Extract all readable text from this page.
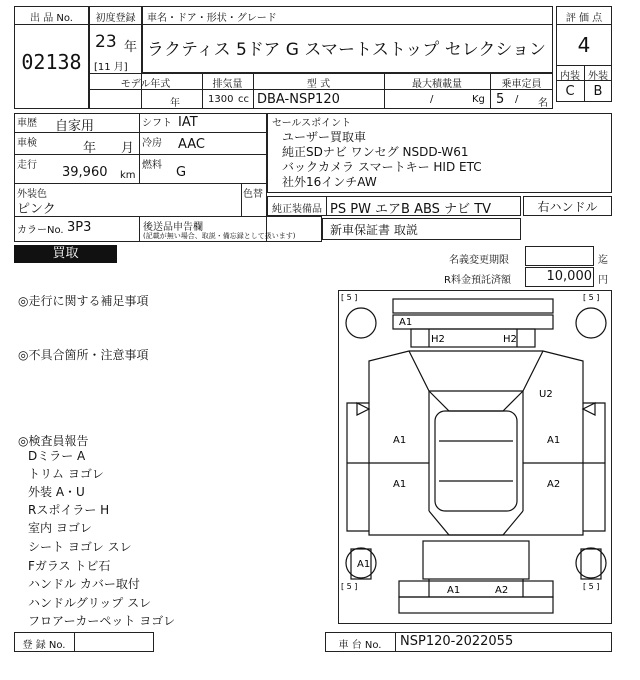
出 品 No.
02138
初度登録
23 年
[11 月]
車名・ドア・形状・グレード
ラクティス 5ドア G スマートストップ セレクション
評 価 点
4
内装 外装
C	B
モデル年式
年
排気量
1300 cc
型 式
DBA-NSP120
最大積載量
/	Kg
乗車定員
5 / 名
車歴 自家用	シフト IAT
車検	年 月 冷房 AAC
走行 39,960 km
燃料 G
外装色
ピンク
色替
カラーNo. 3P3	後送品申告欄
(記載が無い場合、取説・備忘録として扱います)
セールスポイント
ユーザー買取車
純正SDナビ ワンセグ NSDD-W61
バックカメラ スマートキー HID ETC
社外16インチAW
純正装備品 PS PW エアB ABS ナビ TV	右ハンドル
新車保証書 取説
買取	名義変更期限	迄
R料金預託済額	10,000 円
◎走行に関する補足事項
◎不具合箇所・注意事項
◎検査員報告
Dミラー A
トリム ヨゴレ
外装 A・U
Rスポイラー H
室内 ヨゴレ
シート ヨゴレ スレ
Fガラス トビ石
ハンドル カバー取付
ハンドルグリップ スレ
フロアーカーペット ヨゴレ
[ 5 ]	[ 5 ]
[ 5 ]	[ 5 ]
A1
H2	H2
U2
A1	A1
A1	A2
A1
A1	A2
登 録 No.	車 台 No.	NSP120-2022055
